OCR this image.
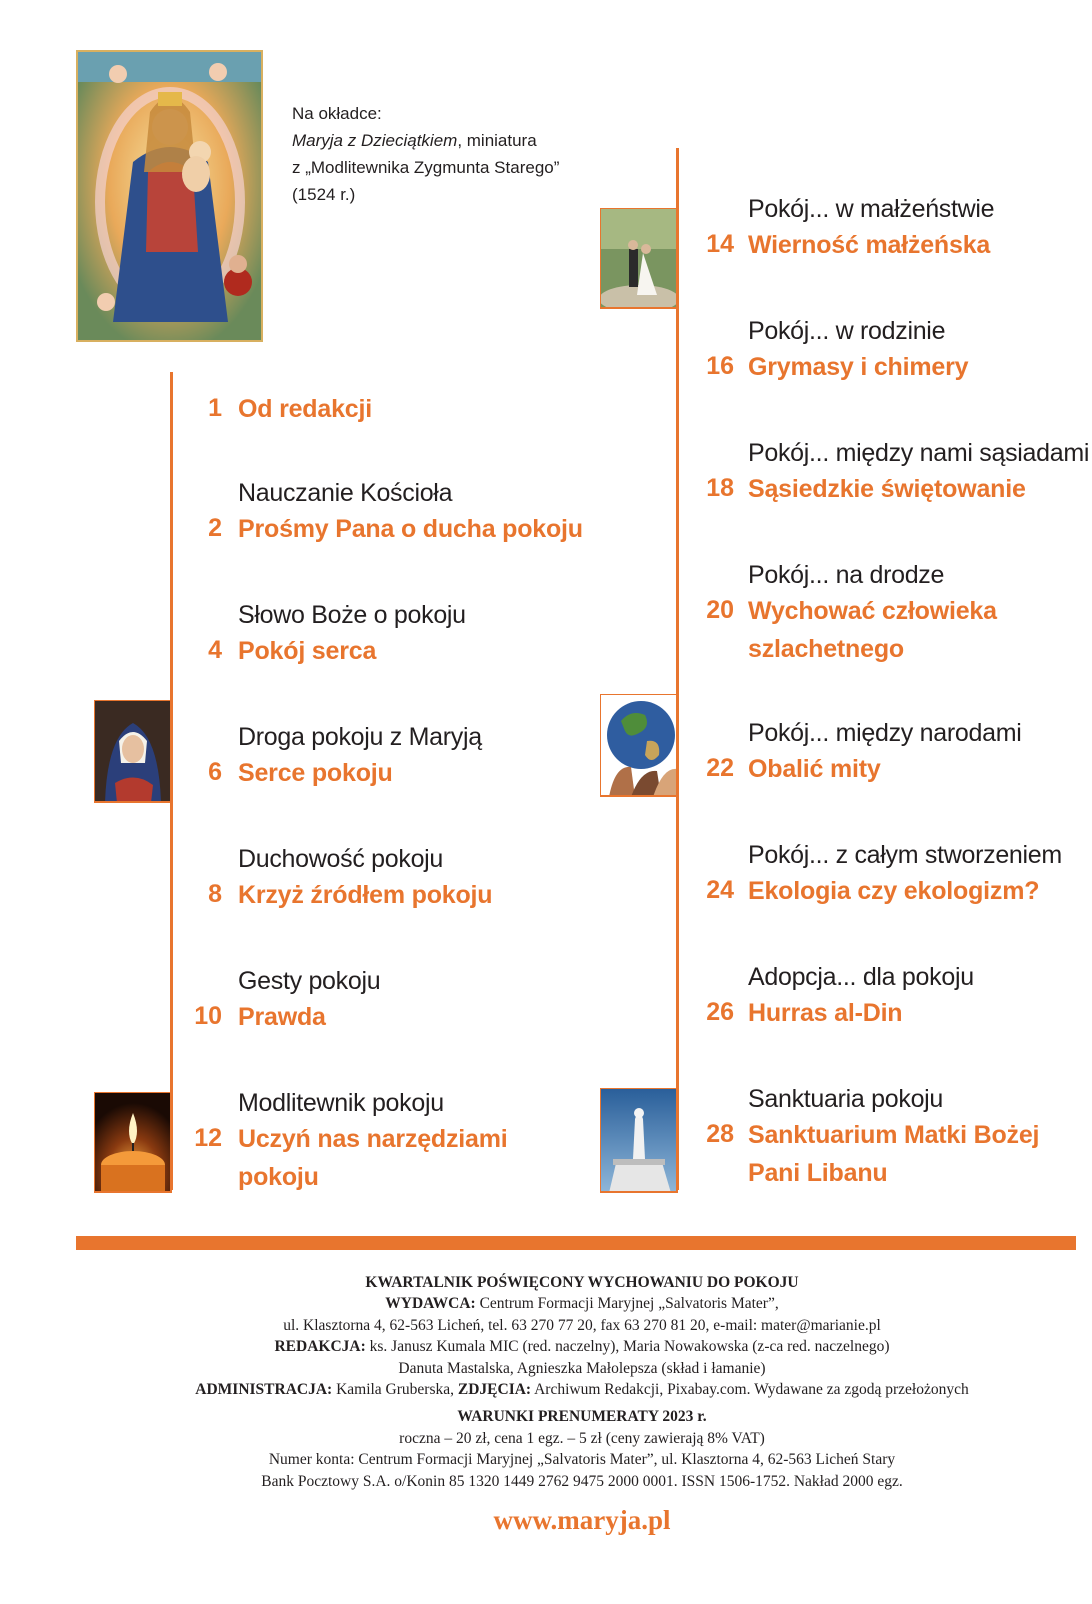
Na okładce:
Maryja z Dzieciątkiem, miniatura
z „Modlitewnika Zygmunta Starego”
(1524 r.)
1 Od redakcji
Nauczanie Kościoła
2 Prośmy Pana o ducha pokoju
Słowo Boże o pokoju
4 Pokój serca
Droga pokoju z Maryją
6 Serce pokoju
Duchowość pokoju
8 Krzyż źródłem pokoju
Gesty pokoju
10 Prawda
Modlitewnik pokoju
12 Uczyń nas narzędziami
pokoju
Pokój... w małżeństwie
14 Wierność małżeńska
Pokój... w rodzinie
16 Grymasy i chimery
Pokój... między nami sąsiadami
18 Sąsiedzkie świętowanie
Pokój... na drodze
20 Wychować człowieka
szlachetnego
Pokój... między narodami
22 Obalić mity
Pokój... z całym stworzeniem
24 Ekologia czy ekologizm?
Adopcja... dla pokoju
26 Hurras al-Din
Sanktuaria pokoju
28 Sanktuarium Matki Bożej
Pani Libanu
KWARTALNIK POŚWIĘCONY WYCHOWANIU DO POKOJU
WYDAWCA: Centrum Formacji Maryjnej „Salvatoris Mater”,
ul. Klasztorna 4, 62-563 Licheń, tel. 63 270 77 20, fax 63 270 81 20, e-mail: mater@marianie.pl
REDAKCJA: ks. Janusz Kumala MIC (red. naczelny), Maria Nowakowska (z-ca red. naczelnego)
Danuta Mastalska, Agnieszka Małolepsza (skład i łamanie)
ADMINISTRACJA: Kamila Gruberska, ZDJĘCIA: Archiwum Redakcji, Pixabay.com. Wydawane za zgodą przełożonych
WARUNKI PRENUMERATY 2023 r.
roczna – 20 zł, cena 1 egz. – 5 zł (ceny zawierają 8% VAT)
Numer konta: Centrum Formacji Maryjnej „Salvatoris Mater”, ul. Klasztorna 4, 62-563 Licheń Stary
Bank Pocztowy S.A. o/Konin 85 1320 1449 2762 9475 2000 0001. ISSN 1506-1752. Nakład 2000 egz.
www.maryja.pl
